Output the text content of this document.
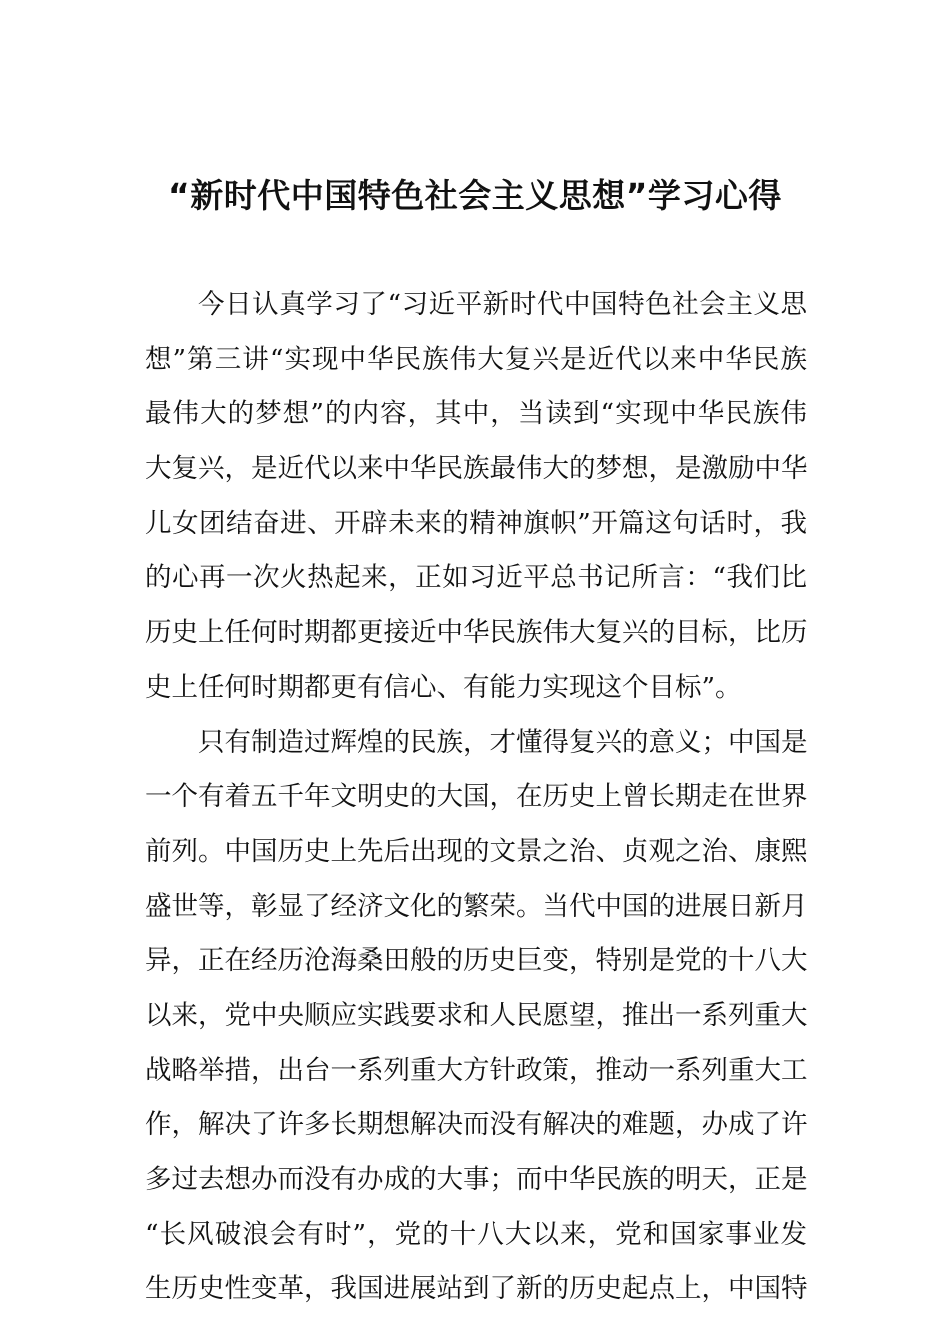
“新时代中国特色社会主义思想”学习心得
今日认真学习了“习近平新时代中国特色社会主义思
想”第三讲“实现中华民族伟大复兴是近代以来中华民族
最伟大的梦想”的内容，其中，当读到“实现中华民族伟
大复兴，是近代以来中华民族最伟大的梦想，是激励中华
儿女团结奋进、开辟未来的精神旗帜”开篇这句话时，我
的心再一次火热起来，正如习近平总书记所言：“我们比
历史上任何时期都更接近中华民族伟大复兴的目标，比历
史上任何时期都更有信心、有能力实现这个目标”。
只有制造过辉煌的民族，才懂得复兴的意义；中国是
一个有着五千年文明史的大国，在历史上曾长期走在世界
前列。中国历史上先后出现的文景之治、贞观之治、康熙
盛世等，彰显了经济文化的繁荣。当代中国的进展日新月
异，正在经历沧海桑田般的历史巨变，特别是党的十八大
以来，党中央顺应实践要求和人民愿望，推出一系列重大
战略举措，出台一系列重大方针政策，推动一系列重大工
作，解决了许多长期想解决而没有解决的难题，办成了许
多过去想办而没有办成的大事；而中华民族的明天，正是
“长风破浪会有时”，党的十八大以来，党和国家事业发
生历史性变革，我国进展站到了新的历史起点上，中国特
